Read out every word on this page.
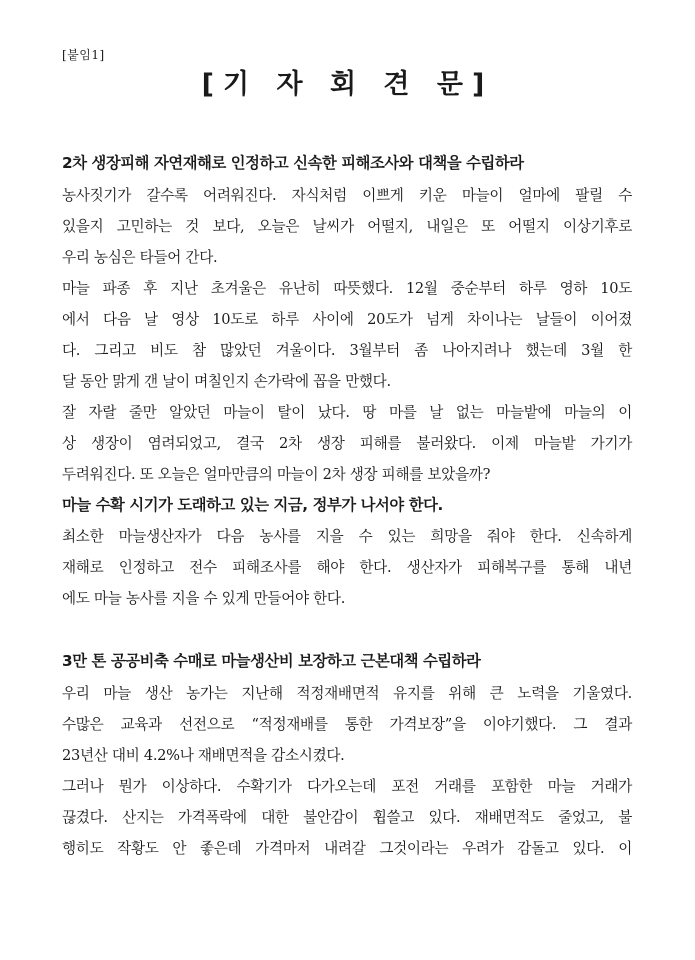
[붙임1]
[기 자 회 견 문]
2차 생장피해 자연재해로 인정하고 신속한 피해조사와 대책을 수립하라
농사짓기가 갈수록 어려워진다. 자식처럼 이쁘게 키운 마늘이 얼마에 팔릴 수
있을지 고민하는 것 보다, 오늘은 날씨가 어떨지, 내일은 또 어떨지 이상기후로
우리 농심은 타들어 간다.
마늘 파종 후 지난 초겨울은 유난히 따뜻했다. 12월 중순부터 하루 영하 10도
에서 다음 날 영상 10도로 하루 사이에 20도가 넘게 차이나는 날들이 이어졌
다. 그리고 비도 참 많았던 겨울이다. 3월부터 좀 나아지려나 했는데 3월 한
달 동안 맑게 갠 날이 며칠인지 손가락에 꼽을 만했다.
잘 자랄 줄만 알았던 마늘이 탈이 났다. 땅 마를 날 없는 마늘밭에 마늘의 이
상 생장이 염려되었고, 결국 2차 생장 피해를 불러왔다. 이제 마늘밭 가기가
두려워진다. 또 오늘은 얼마만큼의 마늘이 2차 생장 피해를 보았을까?
마늘 수확 시기가 도래하고 있는 지금, 정부가 나서야 한다.
최소한 마늘생산자가 다음 농사를 지을 수 있는 희망을 줘야 한다. 신속하게
재해로 인정하고 전수 피해조사를 해야 한다. 생산자가 피해복구를 통해 내년
에도 마늘 농사를 지을 수 있게 만들어야 한다.
3만 톤 공공비축 수매로 마늘생산비 보장하고 근본대책 수립하라
우리 마늘 생산 농가는 지난해 적정재배면적 유지를 위해 큰 노력을 기울였다.
수많은 교육과 선전으로 “적정재배를 통한 가격보장”을 이야기했다. 그 결과
23년산 대비 4.2%나 재배면적을 감소시켰다.
그러나 뭔가 이상하다. 수확기가 다가오는데 포전 거래를 포함한 마늘 거래가
끊겼다. 산지는 가격폭락에 대한 불안감이 휩쓸고 있다. 재배면적도 줄었고, 불
행히도 작황도 안 좋은데 가격마저 내려갈 그것이라는 우려가 감돌고 있다. 이
